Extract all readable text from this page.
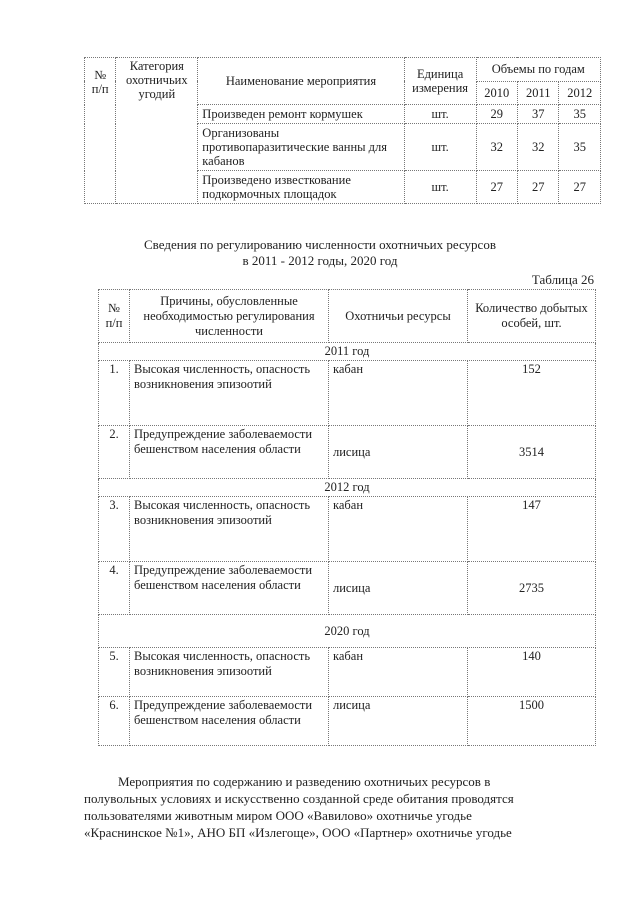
№ п/п	Категория охотничьих угодий	Наименование мероприятия	Единица измерения	Объемы по годам		
				2010	2011	2012
		Произведен ремонт кормушек	шт.	29	37	35
		Организованы противопаразитические ванны для кабанов	шт.	32	32	35
		Произведено известкование подкормочных площадок	шт.	27	27	27
Сведения по регулированию численности охотничьих ресурсов
в 2011 - 2012 годы, 2020 год
Таблица 26
№ п/п	Причины, обусловленные необходимостью регулирования численности	Охотничьи ресурсы	Количество добытых особей, шт.
2011 год			
1.	Высокая численность, опасность возникновения эпизоотий	кабан	152
2.	Предупреждение заболеваемости бешенством населения области	лисица	3514
2012 год			
3.	Высокая численность, опасность возникновения эпизоотий	кабан	147
4.	Предупреждение заболеваемости бешенством населения области	лисица	2735
2020 год			
5.	Высокая численность, опасность возникновения эпизоотий	кабан	140
6.	Предупреждение заболеваемости бешенством населения области	лисица	1500
Мероприятия по содержанию и разведению охотничьих ресурсов в
полувольных условиях и искусственно созданной среде обитания проводятся
пользователями животным миром ООО «Вавилово» охотничье угодье
«Краснинское №1», АНО БП «Излегоще», ООО «Партнер» охотничье угодье
